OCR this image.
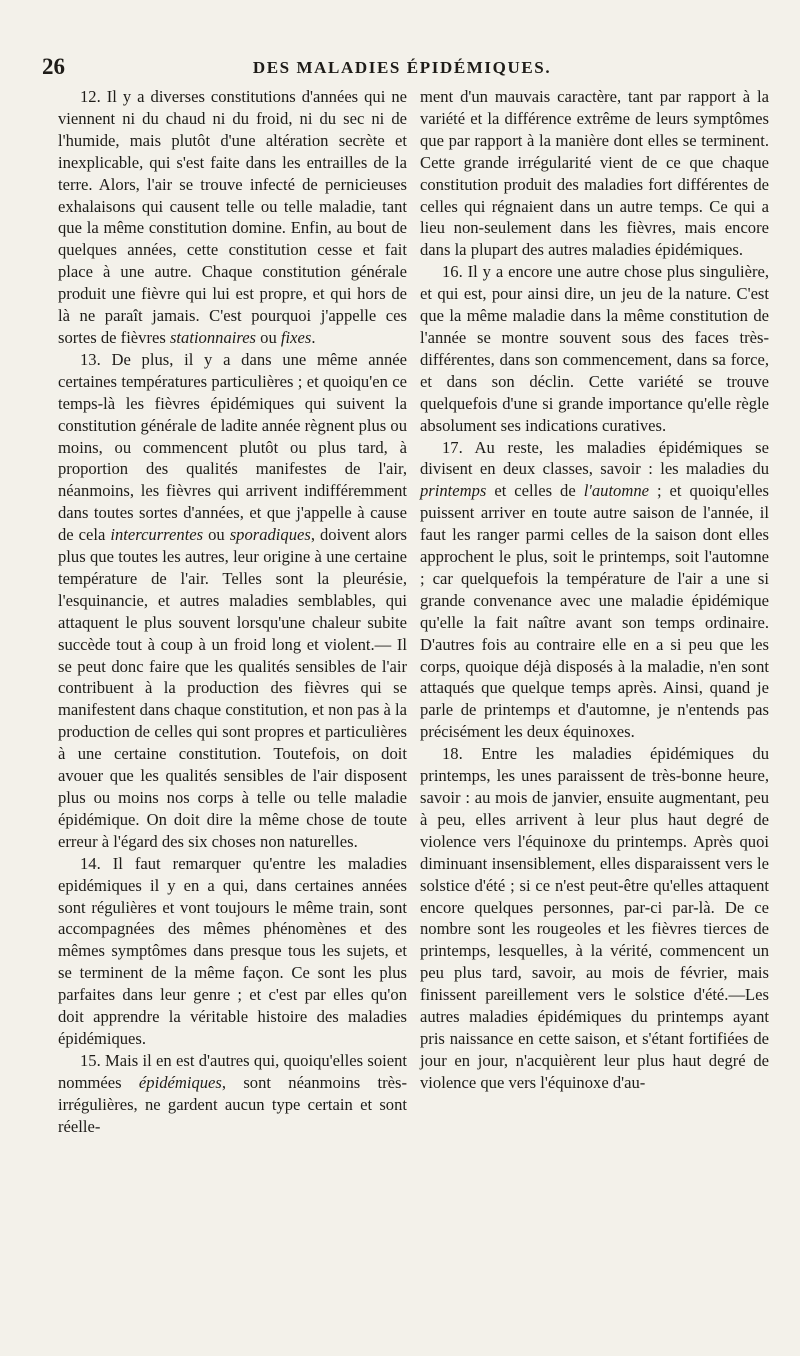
26	DES MALADIES ÉPIDÉMIQUES.

12. Il y a diverses constitutions d'années qui ne viennent ni du chaud ni du froid, ni du sec ni de l'humide, mais plutôt d'une altération secrète et inexplicable, qui s'est faite dans les entrailles de la terre. Alors, l'air se trouve infecté de pernicieuses exhalaisons qui causent telle ou telle maladie, tant que la même constitution domine. Enfin, au bout de quelques années, cette constitution cesse et fait place à une autre. Chaque constitution générale produit une fièvre qui lui est propre, et qui hors de là ne paraît jamais. C'est pourquoi j'appelle ces sortes de fièvres stationnaires ou fixes.

13. De plus, il y a dans une même année certaines températures particulières ; et quoiqu'en ce temps-là les fièvres épidémiques qui suivent la constitution générale de ladite année règnent plus ou moins, ou commencent plutôt ou plus tard, à proportion des qualités manifestes de l'air, néanmoins, les fièvres qui arrivent indifféremment dans toutes sortes d'années, et que j'appelle à cause de cela intercurrentes ou sporadiques, doivent alors plus que toutes les autres, leur origine à une certaine température de l'air. Telles sont la pleurésie, l'esquinancie, et autres maladies semblables, qui attaquent le plus souvent lorsqu'une chaleur subite succède tout à coup à un froid long et violent.— Il se peut donc faire que les qualités sensibles de l'air contribuent à la production des fièvres qui se manifestent dans chaque constitution, et non pas à la production de celles qui sont propres et particulières à une certaine constitution. Toutefois, on doit avouer que les qualités sensibles de l'air disposent plus ou moins nos corps à telle ou telle maladie épidémique. On doit dire la même chose de toute erreur à l'égard des six choses non naturelles.

14. Il faut remarquer qu'entre les maladies epidémiques il y en a qui, dans certaines années sont régulières et vont toujours le même train, sont accompagnées des mêmes phénomènes et des mêmes symptômes dans presque tous les sujets, et se terminent de la même façon. Ce sont les plus parfaites dans leur genre ; et c'est par elles qu'on doit apprendre la véritable histoire des maladies épidémiques.

15. Mais il en est d'autres qui, quoiqu'elles soient nommées épidémiques, sont néanmoins très-irrégulières, ne gardent aucun type certain et sont réelle-

ment d'un mauvais caractère, tant par rapport à la variété et la différence extrême de leurs symptômes que par rapport à la manière dont elles se terminent. Cette grande irrégularité vient de ce que chaque constitution produit des maladies fort différentes de celles qui régnaient dans un autre temps. Ce qui a lieu non-seulement dans les fièvres, mais encore dans la plupart des autres maladies épidémiques.

16. Il y a encore une autre chose plus singulière, et qui est, pour ainsi dire, un jeu de la nature. C'est que la même maladie dans la même constitution de l'année se montre souvent sous des faces très-différentes, dans son commencement, dans sa force, et dans son déclin. Cette variété se trouve quelquefois d'une si grande importance qu'elle règle absolument ses indications curatives.

17. Au reste, les maladies épidémiques se divisent en deux classes, savoir : les maladies du printemps et celles de l'automne ; et quoiqu'elles puissent arriver en toute autre saison de l'année, il faut les ranger parmi celles de la saison dont elles approchent le plus, soit le printemps, soit l'automne ; car quelquefois la température de l'air a une si grande convenance avec une maladie épidémique qu'elle la fait naître avant son temps ordinaire. D'autres fois au contraire elle en a si peu que les corps, quoique déjà disposés à la maladie, n'en sont attaqués que quelque temps après. Ainsi, quand je parle de printemps et d'automne, je n'entends pas précisément les deux équinoxes.

18. Entre les maladies épidémiques du printemps, les unes paraissent de très-bonne heure, savoir : au mois de janvier, ensuite augmentant, peu à peu, elles arrivent à leur plus haut degré de violence vers l'équinoxe du printemps. Après quoi diminuant insensiblement, elles disparaissent vers le solstice d'été ; si ce n'est peut-être qu'elles attaquent encore quelques personnes, par-ci par-là. De ce nombre sont les rougeoles et les fièvres tierces de printemps, lesquelles, à la vérité, commencent un peu plus tard, savoir, au mois de février, mais finissent pareillement vers le solstice d'été.—Les autres maladies épidémiques du printemps ayant pris naissance en cette saison, et s'étant fortifiées de jour en jour, n'acquièrent leur plus haut degré de violence que vers l'équinoxe d'au-
